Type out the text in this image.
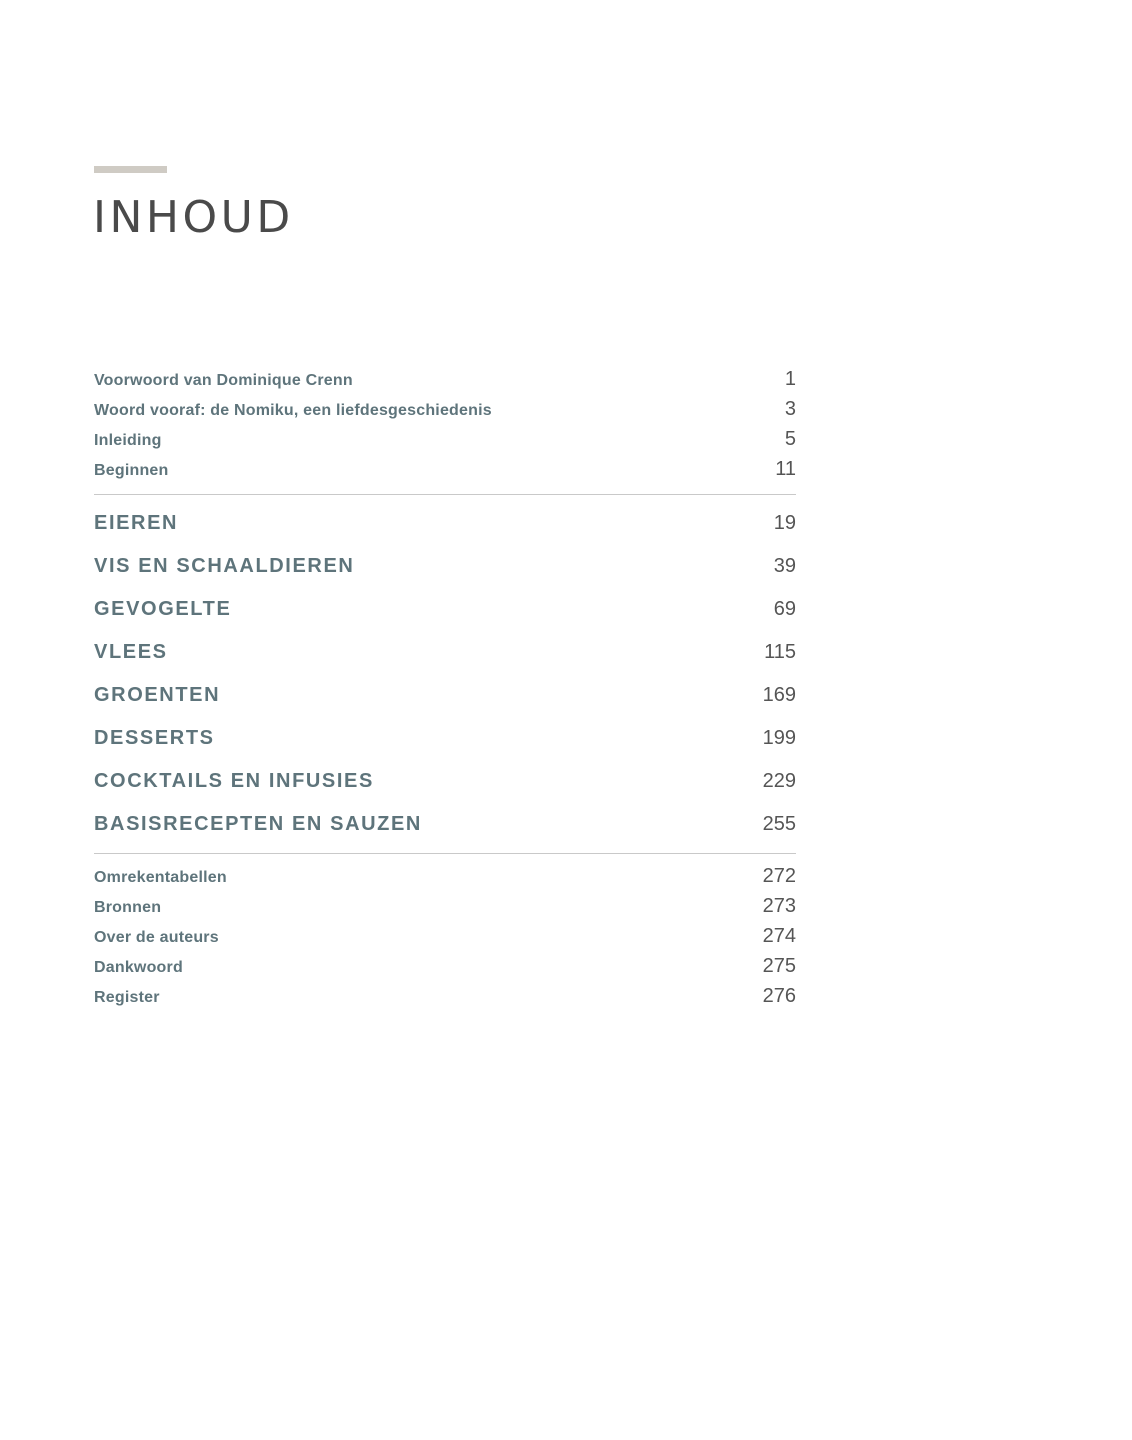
INHOUD
Voorwoord van Dominique Crenn	1
Woord vooraf: de Nomiku, een liefdesgeschiedenis	3
Inleiding	5
Beginnen	11
EIEREN	19
VIS EN SCHAALDIEREN	39
GEVOGELTE	69
VLEES	115
GROENTEN	169
DESSERTS	199
COCKTAILS EN INFUSIES	229
BASISRECEPTEN EN SAUZEN	255
Omrekentabellen	272
Bronnen	273
Over de auteurs	274
Dankwoord	275
Register	276
